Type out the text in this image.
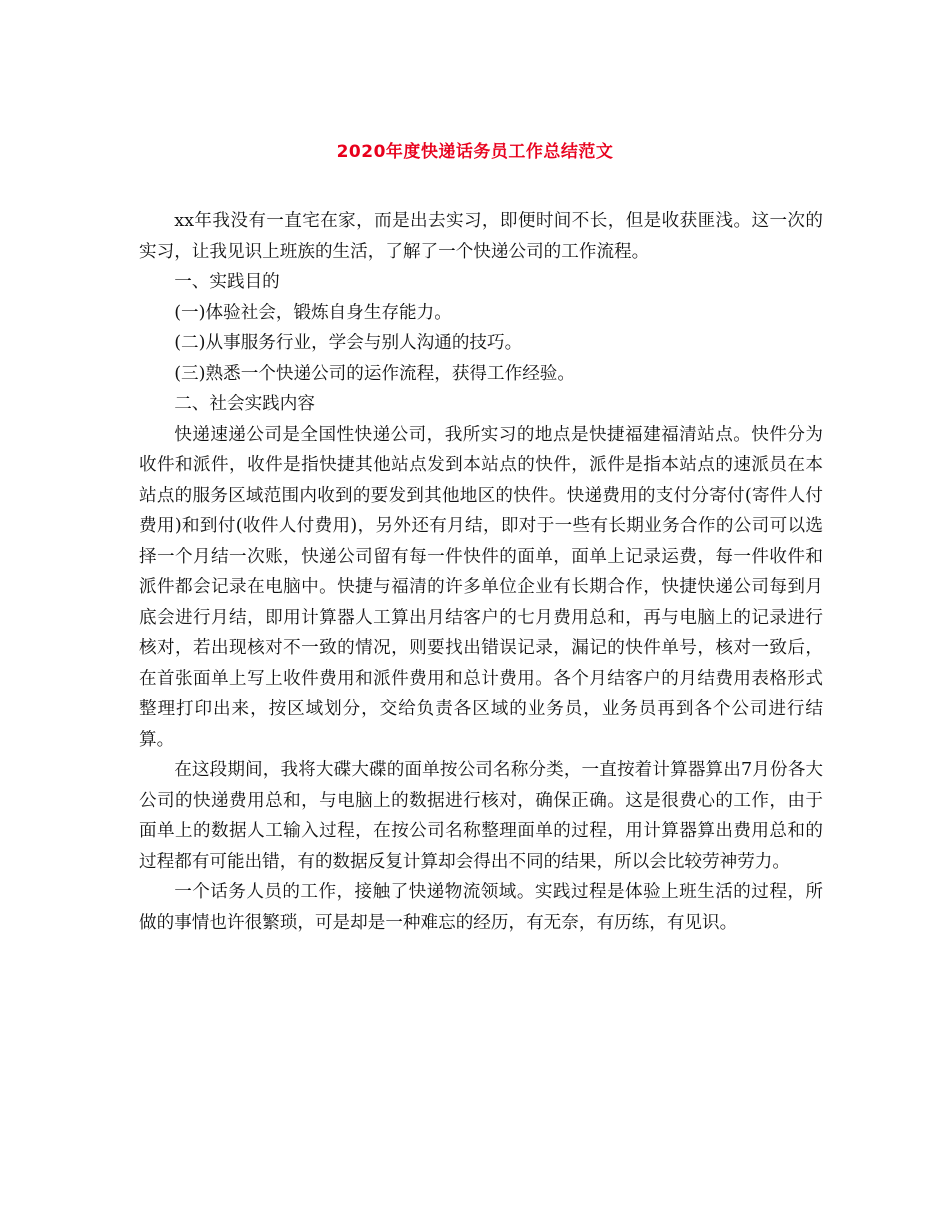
2020年度快递话务员工作总结范文

xx年我没有一直宅在家，而是出去实习，即便时间不长，但是收获匪浅。这一次的实习，让我见识上班族的生活，了解了一个快递公司的工作流程。

一、实践目的

(一)体验社会，锻炼自身生存能力。

(二)从事服务行业，学会与别人沟通的技巧。

(三)熟悉一个快递公司的运作流程，获得工作经验。

二、社会实践内容

快递速递公司是全国性快递公司，我所实习的地点是快捷福建福清站点。快件分为收件和派件，收件是指快捷其他站点发到本站点的快件，派件是指本站点的速派员在本站点的服务区域范围内收到的要发到其他地区的快件。快递费用的支付分寄付(寄件人付费用)和到付(收件人付费用)，另外还有月结，即对于一些有长期业务合作的公司可以选择一个月结一次账，快递公司留有每一件快件的面单，面单上记录运费，每一件收件和派件都会记录在电脑中。快捷与福清的许多单位企业有长期合作，快捷快递公司每到月底会进行月结，即用计算器人工算出月结客户的七月费用总和，再与电脑上的记录进行核对，若出现核对不一致的情况，则要找出错误记录，漏记的快件单号，核对一致后，在首张面单上写上收件费用和派件费用和总计费用。各个月结客户的月结费用表格形式整理打印出来，按区域划分，交给负责各区域的业务员，业务员再到各个公司进行结算。

在这段期间，我将大碟大碟的面单按公司名称分类，一直按着计算器算出7月份各大公司的快递费用总和，与电脑上的数据进行核对，确保正确。这是很费心的工作，由于面单上的数据人工输入过程，在按公司名称整理面单的过程，用计算器算出费用总和的过程都有可能出错，有的数据反复计算却会得出不同的结果，所以会比较劳神劳力。

一个话务人员的工作，接触了快递物流领域。实践过程是体验上班生活的过程，所做的事情也许很繁琐，可是却是一种难忘的经历，有无奈，有历练，有见识。
